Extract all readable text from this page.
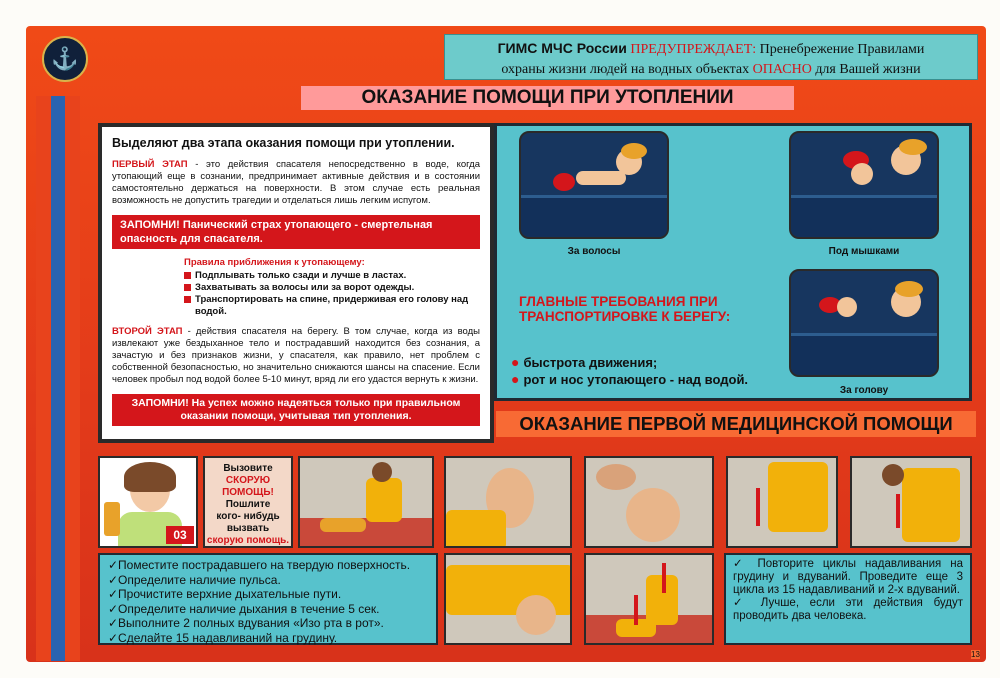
⚓	ГИМС МЧС России ПРЕДУПРЕЖДАЕТ: Пренебрежение Правилами
охраны жизни людей на водных объектах ОПАСНО для Вашей жизни
ОКАЗАНИЕ ПОМОЩИ ПРИ УТОПЛЕНИИ
Выделяют два этапа оказания помощи при утоплении.
ПЕРВЫЙ ЭТАП - это действия спасателя непосредственно в воде, когда утопающий еще в сознании, предпринимает активные действия и в состоянии самостоятельно держаться на поверхности. В этом случае есть реальная возможность не допустить трагедии и отделаться лишь легким испугом.
ЗАПОМНИ! Панический страх утопающего - смертельная опасность для спасателя.
Правила приближения к утопающему:
Подплывать только сзади и лучше в ластах.
Захватывать за волосы или за ворот одежды.
Транспортировать на спине, придерживая его голову над водой.
ВТОРОЙ ЭТАП - действия спасателя на берегу. В том случае, когда из воды извлекают уже бездыханное тело и пострадавший находится без сознания, а зачастую и без признаков жизни, у спасателя, как правило, нет проблем с собственной безопасностью, но значительно снижаются шансы на спасение. Если человек пробыл под водой более 5-10 минут, вряд ли его удастся вернуть к жизни.
ЗАПОМНИ! На успех можно надеяться только при правильном оказании помощи, учитывая тип утопления.
За волосы	Под мышками
За голову
ГЛАВНЫЕ ТРЕБОВАНИЯ ПРИ ТРАНСПОРТИРОВКЕ К БЕРЕГУ:
● быстрота движения;
● рот и нос утопающего - над водой.
ОКАЗАНИЕ ПЕРВОЙ МЕДИЦИНСКОЙ ПОМОЩИ
03
Вызовите
СКОРУЮ
ПОМОЩЬ!
Пошлите
кого- нибудь
вызвать
скорую помощь.
✓Поместите пострадавшего на твердую поверхность.
✓Определите наличие пульса.
✓Прочистите верхние дыхательные пути.
✓Определите наличие дыхания в течение 5 сек.
✓Выполните 2 полных вдувания «Изо рта в рот».
✓Сделайте 15 надавливаний на грудину.
✓ Повторите циклы надавливания на грудину и вдуваний. Проведите еще 3 цикла из 15 надавливаний и 2-х вдуваний.
✓ Лучше, если эти действия будут проводить два человека.
13
